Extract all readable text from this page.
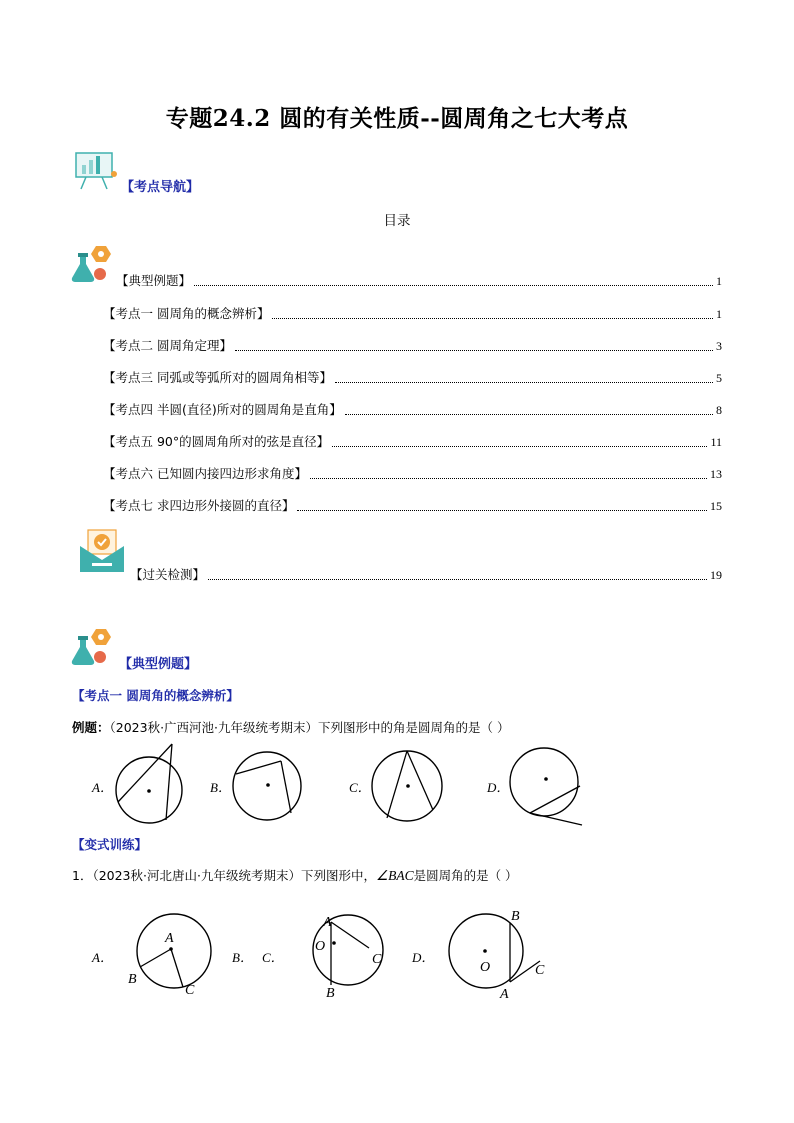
专题24.2 圆的有关性质--圆周角之七大考点
【考点导航】
目录
【典型例题】	1
【考点一 圆周角的概念辨析】	1
【考点二 圆周角定理】	3
【考点三 同弧或等弧所对的圆周角相等】	5
【考点四 半圆(直径)所对的圆周角是直角】	8
【考点五 90°的圆周角所对的弦是直径】	11
【考点六 已知圆内接四边形求角度】	13
【考点七 求四边形外接圆的直径】	15
【过关检测】	19
【典型例题】
【考点一 圆周角的概念辨析】
例题：（2023秋·广西河池·九年级统考期末）下列图形中的角是圆周角的是（ ）
A．	B．	C．	D．
【变式训练】
1．（2023秋·河北唐山·九年级统考期末）下列图形中，∠BAC是圆周角的是（ ）
A．
A
B
C
B． C．
A
O
C
B
D．
B
O	C
A
